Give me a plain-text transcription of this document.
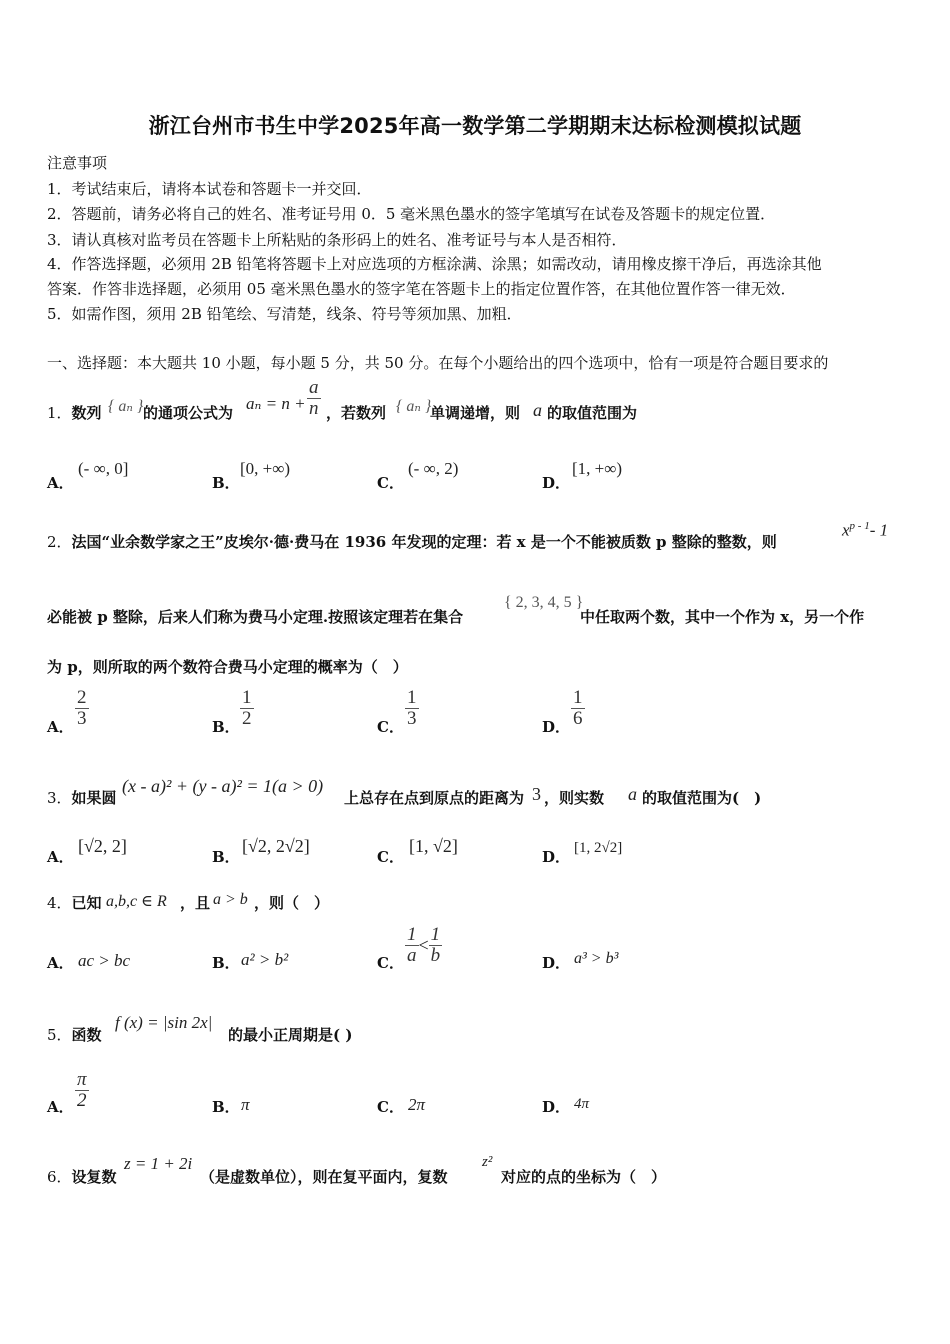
浙江台州市书生中学2025年高一数学第二学期期末达标检测模拟试题
注意事项
1．考试结束后，请将本试卷和答题卡一并交回．
2．答题前，请务必将自己的姓名、准考证号用 0．5 毫米黑色墨水的签字笔填写在试卷及答题卡的规定位置．
3．请认真核对监考员在答题卡上所粘贴的条形码上的姓名、准考证号与本人是否相符．
4．作答选择题，必须用 2B 铅笔将答题卡上对应选项的方框涂满、涂黑；如需改动，请用橡皮擦干净后，再选涂其他
答案．作答非选择题，必须用 05 毫米黑色墨水的签字笔在答题卡上的指定位置作答，在其他位置作答一律无效．
5．如需作图，须用 2B 铅笔绘、写清楚，线条、符号等须加黑、加粗．
一、选择题：本大题共 10 小题，每小题 5 分，共 50 分。在每个小题给出的四个选项中，恰有一项是符合题目要求的
1．数列 { aₙ } 的通项公式为 $a_n = n + \frac{a}{n}$ ，若数列 { aₙ }
单调递增，则 a 的取值范围为
A．
(- ∞, 0]
B．
[0, +∞)
C．
(- ∞, 2)
D．
[1, +∞)
2．法国“业余数学家之王”皮埃尔·德·费马在 1936 年发现的定理：若 x 是一个不能被质数 p 整除的整数，则
$x^{p - 1}-$ 1
必能被 p 整除，后来人们称为费马小定理.按照该定理若在集合
{ 2, 3, 4, 5 }
中任取两个数，其中一个作为 x，另一个作
为 p，则所取的两个数符合费马小定理的概率为（　）
A． $\frac{2}{3}$	B． $\frac{1}{2}$	C． $\frac{1}{3}$	D． $\frac{1}{6}$
3．如果圆
(x - a)² + (y - a)² = 1(a > 0)
上总存在点到原点的距离为 3 ，则实数 a 的取值范围为(　)
A．
[√2, 2]
B．
[√2, 2√2]
C．
[1, √2]
D． [1, 2√2]
4．已知 a,b,c ∈ R ，且 a > b ，则（　）
A． ac > bc	B． a² > b²	C． $\frac{1}{a} < \frac{1}{b}$	D． a³ > b³
5．函数
f (x) = |sin 2x|
的最小正周期是( )
A． $\frac{\pi}{2}$	B． π	C． 2π	D． 4π
6．设复数
z = 1 + 2i
（是虚数单位），则在复平面内，复数
z²
对应的点的坐标为（　）
